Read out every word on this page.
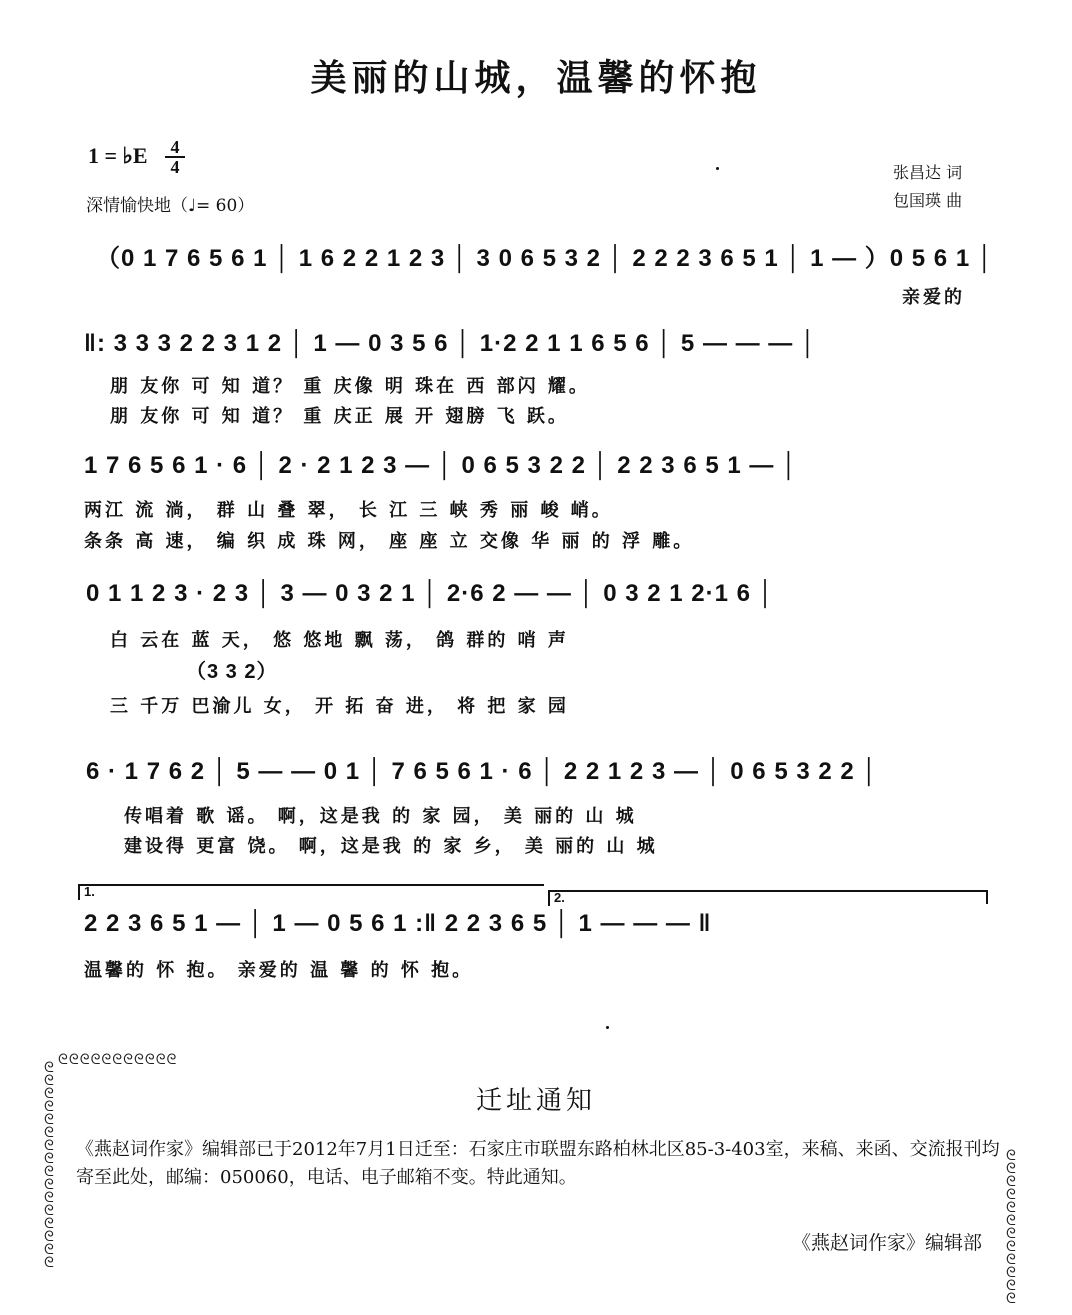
美丽的山城，温馨的怀抱
1 = ♭E	4
4
深情愉快地（♩= 60）
张昌达 词
包国瑛 曲
（0 1 7 6 5 6 1 │ 1 6 2 2 1 2 3 │ 3 0 6 5 3 2 │ 2 2 2 3 6 5 1 │ 1 — ）0 5 6 1 │
亲爱的
‖: 3 3 3 2 2 3 1 2 │ 1 — 0 3 5 6 │ 1·2 2 1 1 6 5 6 │ 5 — — — │
朋 友你 可 知 道？ 重 庆像 明 珠在 西 部闪 耀。
朋 友你 可 知 道？ 重 庆正 展 开 翅膀 飞 跃。
1 7 6 5 6 1 · 6 │ 2 · 2 1 2 3 — │ 0 6 5 3 2 2 │ 2 2 3 6 5 1 — │
两江 流 淌， 群 山 叠 翠， 长 江 三 峡 秀 丽 峻 峭。
条条 高 速， 编 织 成 珠 网， 座 座 立 交像 华 丽 的 浮 雕。
0 1 1 2 3 · 2 3 │ 3 — 0 3 2 1 │ 2·6 2 — — │ 0 3 2 1 2·1 6 │
白 云在 蓝 天， 悠 悠地 飘 荡， 鸽 群的 哨 声
（3 3 2）
三 千万 巴渝儿 女， 开 拓 奋 进， 将 把 家 园
6 · 1 7 6 2 │ 5 — — 0 1 │ 7 6 5 6 1 · 6 │ 2 2 1 2 3 — │ 0 6 5 3 2 2 │
传唱着 歌 谣。 啊，这是我 的 家 园， 美 丽的 山 城
建设得 更富 饶。 啊，这是我 的 家 乡， 美 丽的 山 城
1.	2.
2 2 3 6 5 1 — │ 1 — 0 5 6 1 :‖ 2 2 3 6 5 │ 1 — — — ‖
温馨的 怀 抱。 亲爱的 温 馨 的 怀 抱。
ᘓᘓᘓᘓᘓᘓᘓᘓᘓᘓᘓ
ᘓ ᘓ ᘓ ᘓ ᘓ ᘓ ᘓ ᘓ ᘓ ᘓ ᘓ ᘓ ᘓ ᘓ ᘓ ᘓ
ᘓ ᘓ ᘓ ᘓ ᘓ ᘓ ᘓ ᘓ ᘓ ᘓ ᘓ ᘓ
迁址通知
《燕赵词作家》编辑部已于2012年7月1日迁至：石家庄市联盟东路柏林北区85-3-403室，来稿、来函、交流报刊均寄至此处，邮编：050060，电话、电子邮箱不变。特此通知。
《燕赵词作家》编辑部
